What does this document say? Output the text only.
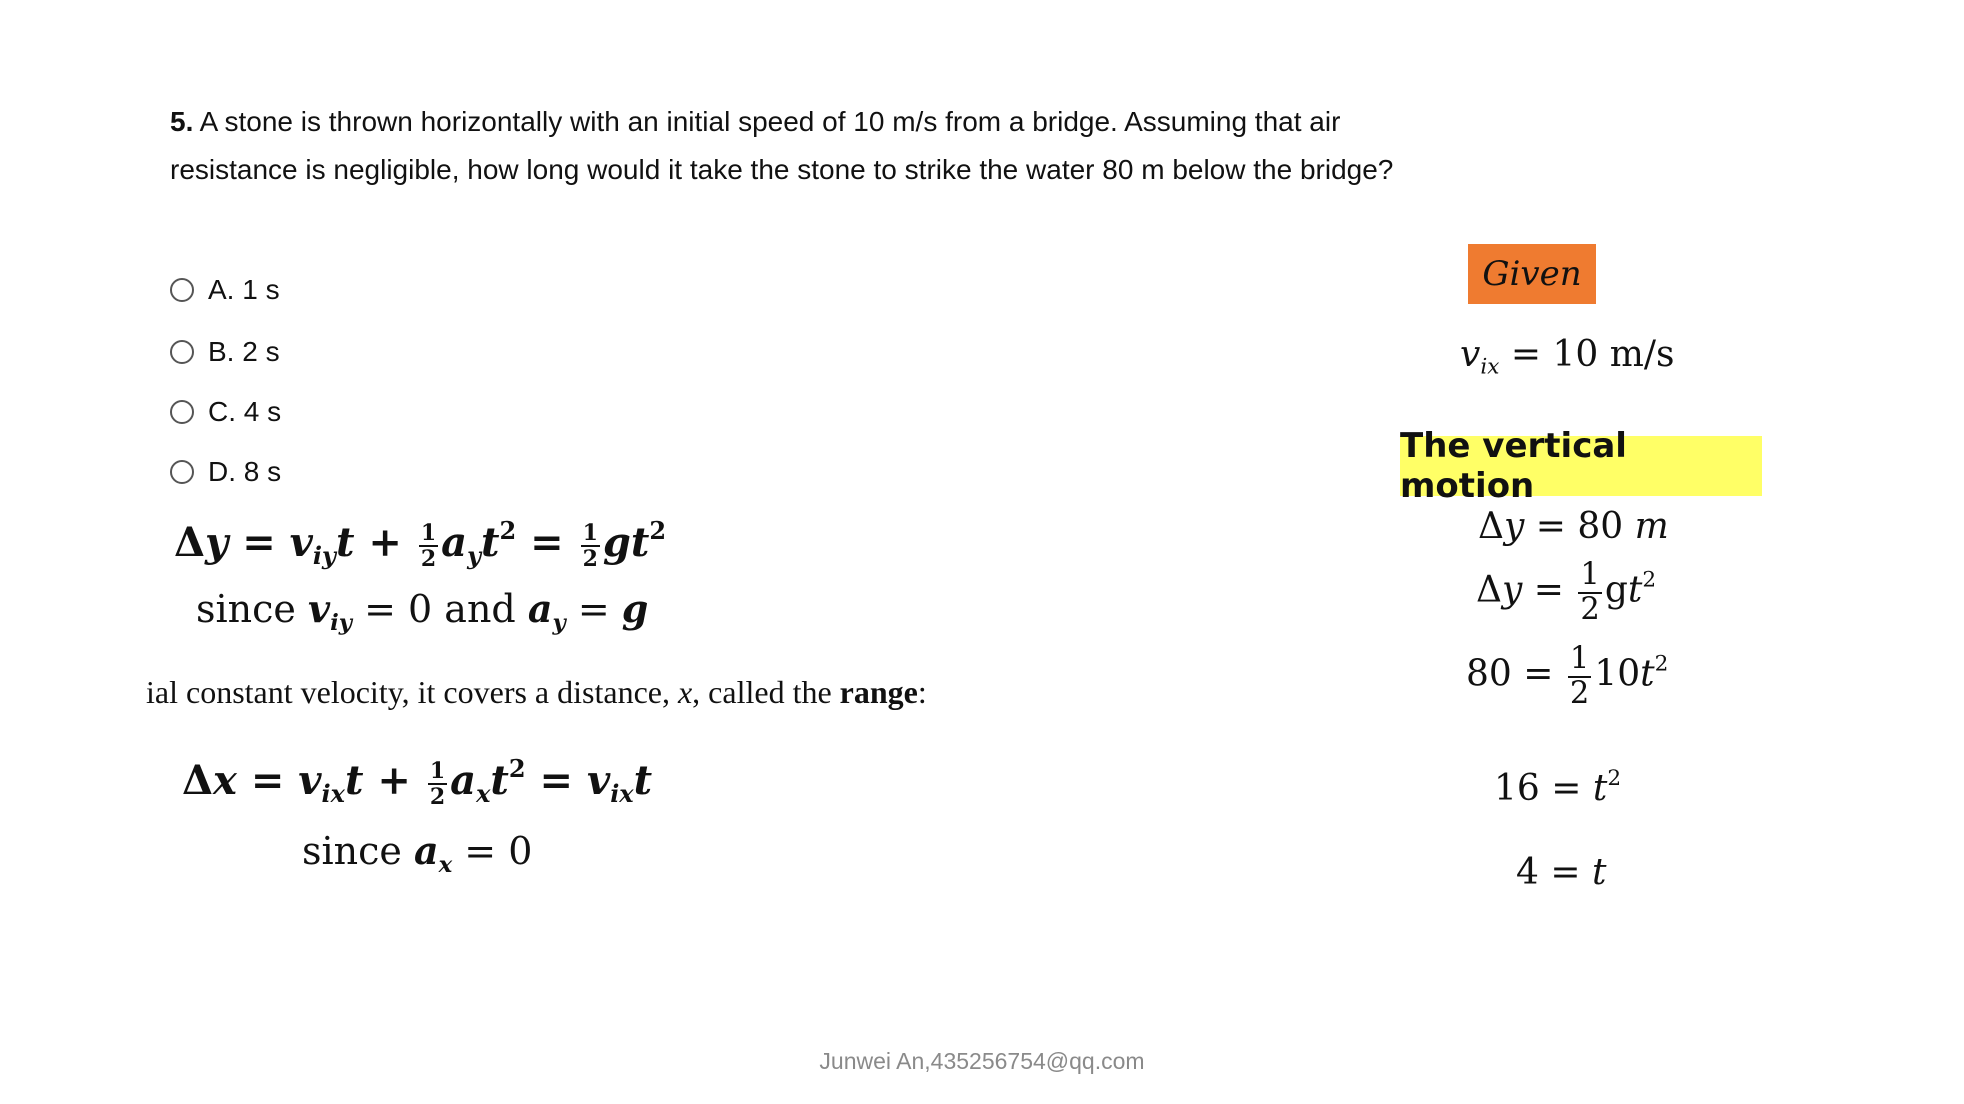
5. A stone is thrown horizontally with an initial speed of 10 m/s from a bridge. Assuming that air resistance is negligible, how long would it take the stone to strike the water 80 m below the bridge?
A. 1 s
B. 2 s
C. 4 s
D. 8 s
$\Delta y = v_{iy}t + \frac{1}{2} a_yt^2 = \frac{1}{2} gt^2$
since $v_{iy} = 0$ and $a_y = g$
ial constant velocity, it covers a distance, x, called the range:
$\Delta x = v_{ix}t + \frac{1}{2} a_xt^2 = v_{ix}t$
since $a_x = 0$
Given
$v_{ix} = 10$ m/s
The vertical motion
Δy = 80 m
$\Delta y = \frac{1}{2} gt^2$
$80 = \frac{1}{2} 10t^2$
$16 = t^2$
4 = t
Junwei An,435256754@qq.com
